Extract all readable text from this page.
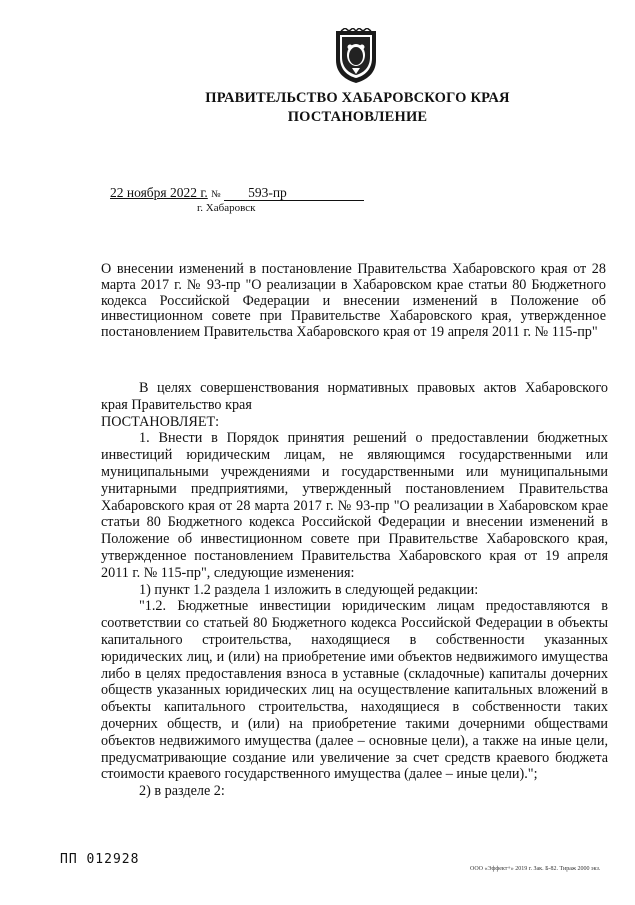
ПРАВИТЕЛЬСТВО ХАБАРОВСКОГО КРАЯ
ПОСТАНОВЛЕНИЕ
22 ноября 2022 г. № 593-пр
г. Хабаровск

О внесении изменений в постановление Правительства Хабаровского края от 28 марта 2017 г. № 93-пр "О реализации в Хабаровском крае статьи 80 Бюджетного кодекса Российской Федерации и внесении изменений в Положение об инвестиционном совете при Правительстве Хабаровского края, утвержденное постановлением Правительства Хабаровского края от 19 апреля 2011 г. № 115-пр"

В целях совершенствования нормативных правовых актов Хабаровского края Правительство края

ПОСТАНОВЛЯЕТ:

1. Внести в Порядок принятия решений о предоставлении бюджетных инвестиций юридическим лицам, не являющимся государственными или муниципальными учреждениями и государственными или муниципальными унитарными предприятиями, утвержденный постановлением Правительства Хабаровского края от 28 марта 2017 г. № 93-пр "О реализации в Хабаровском крае статьи 80 Бюджетного кодекса Российской Федерации и внесении изменений в Положение об инвестиционном совете при Правительстве Хабаровского края, утвержденное постановлением Правительства Хабаровского края от 19 апреля 2011 г. № 115-пр", следующие изменения:

1) пункт 1.2 раздела 1 изложить в следующей редакции:

"1.2. Бюджетные инвестиции юридическим лицам предоставляются в соответствии со статьей 80 Бюджетного кодекса Российской Федерации в объекты капитального строительства, находящиеся в собственности указанных юридических лиц, и (или) на приобретение ими объектов недвижимого имущества либо в целях предоставления взноса в уставные (складочные) капиталы дочерних обществ указанных юридических лиц на осуществление капитальных вложений в объекты капитального строительства, находящиеся в собственности таких дочерних обществ, и (или) на приобретение такими дочерними обществами объектов недвижимого имущества (далее – основные цели), а также на иные цели, предусматривающие создание или увеличение за счет средств краевого бюджета стоимости краевого государственного имущества (далее – иные цели).";

2) в разделе 2:

ПП 012928
ООО «Эффект+» 2019 г. Зак. Б-82. Тираж 2000 экз.
